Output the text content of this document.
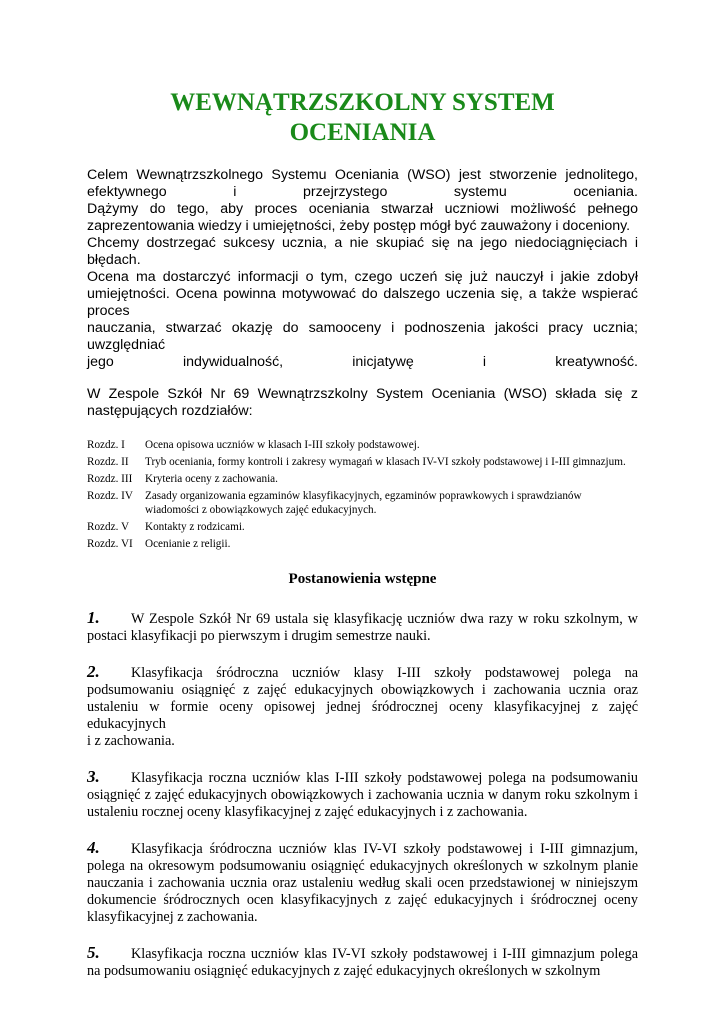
WEWNĄTRZSZKOLNY SYSTEM
OCENIANIA

Celem Wewnątrzszkolnego Systemu Oceniania (WSO) jest stworzenie jednolitego,

efektywnego i przejrzystego systemu oceniania.

Dążymy do tego, aby proces oceniania stwarzał uczniowi możliwość pełnego

zaprezentowania wiedzy i umiejętności, żeby postęp mógł być zauważony i doceniony.

Chcemy dostrzegać sukcesy ucznia, a nie skupiać się na jego niedociągnięciach i błędach.

Ocena ma dostarczyć informacji o tym, czego uczeń się już nauczył i jakie zdobył

umiejętności. Ocena powinna motywować do dalszego uczenia się, a także wspierać proces

nauczania, stwarzać okazję do samooceny i podnoszenia jakości pracy ucznia; uwzględniać

jego indywidualność, inicjatywę i kreatywność.

W Zespole Szkół Nr 69 Wewnątrzszkolny System Oceniania (WSO) składa się z następujących rozdziałów:

Rozdz. I	Ocena opisowa uczniów w klasach I-III szkoły podstawowej.
Rozdz. II	Tryb oceniania, formy kontroli i zakresy wymagań w klasach IV-VI szkoły podstawowej i I-III gimnazjum.
Rozdz. III	Kryteria oceny z zachowania.
Rozdz. IV	Zasady organizowania egzaminów klasyfikacyjnych, egzaminów poprawkowych i sprawdzianów wiadomości z obowiązkowych zajęć edukacyjnych.
Rozdz. V	Kontakty z rodzicami.
Rozdz. VI	Ocenianie z religii.
Postanowienia wstępne

1. W Zespole Szkół Nr 69 ustala się klasyfikację uczniów dwa razy w roku szkolnym, w postaci klasyfikacji po pierwszym i drugim semestrze nauki.

2. Klasyfikacja śródroczna uczniów klasy I-III szkoły podstawowej polega na podsumowaniu osiągnięć z zajęć edukacyjnych obowiązkowych i zachowania ucznia oraz ustaleniu w formie oceny opisowej jednej śródrocznej oceny klasyfikacyjnej z zajęć edukacyjnych
i z zachowania.

3. Klasyfikacja roczna uczniów klas I-III szkoły podstawowej polega na podsumowaniu osiągnięć z zajęć edukacyjnych obowiązkowych i zachowania ucznia w danym roku szkolnym i ustaleniu rocznej oceny klasyfikacyjnej z zajęć edukacyjnych i z zachowania.

4. Klasyfikacja śródroczna uczniów klas IV-VI szkoły podstawowej i I-III gimnazjum, polega na okresowym podsumowaniu osiągnięć edukacyjnych określonych w szkolnym planie nauczania i zachowania ucznia oraz ustaleniu według skali ocen przedstawionej w niniejszym dokumencie śródrocznych ocen klasyfikacyjnych z zajęć edukacyjnych i śródrocznej oceny klasyfikacyjnej z zachowania.

5. Klasyfikacja roczna uczniów klas IV-VI szkoły podstawowej i I-III gimnazjum polega na podsumowaniu osiągnięć edukacyjnych z zajęć edukacyjnych określonych w szkolnym
